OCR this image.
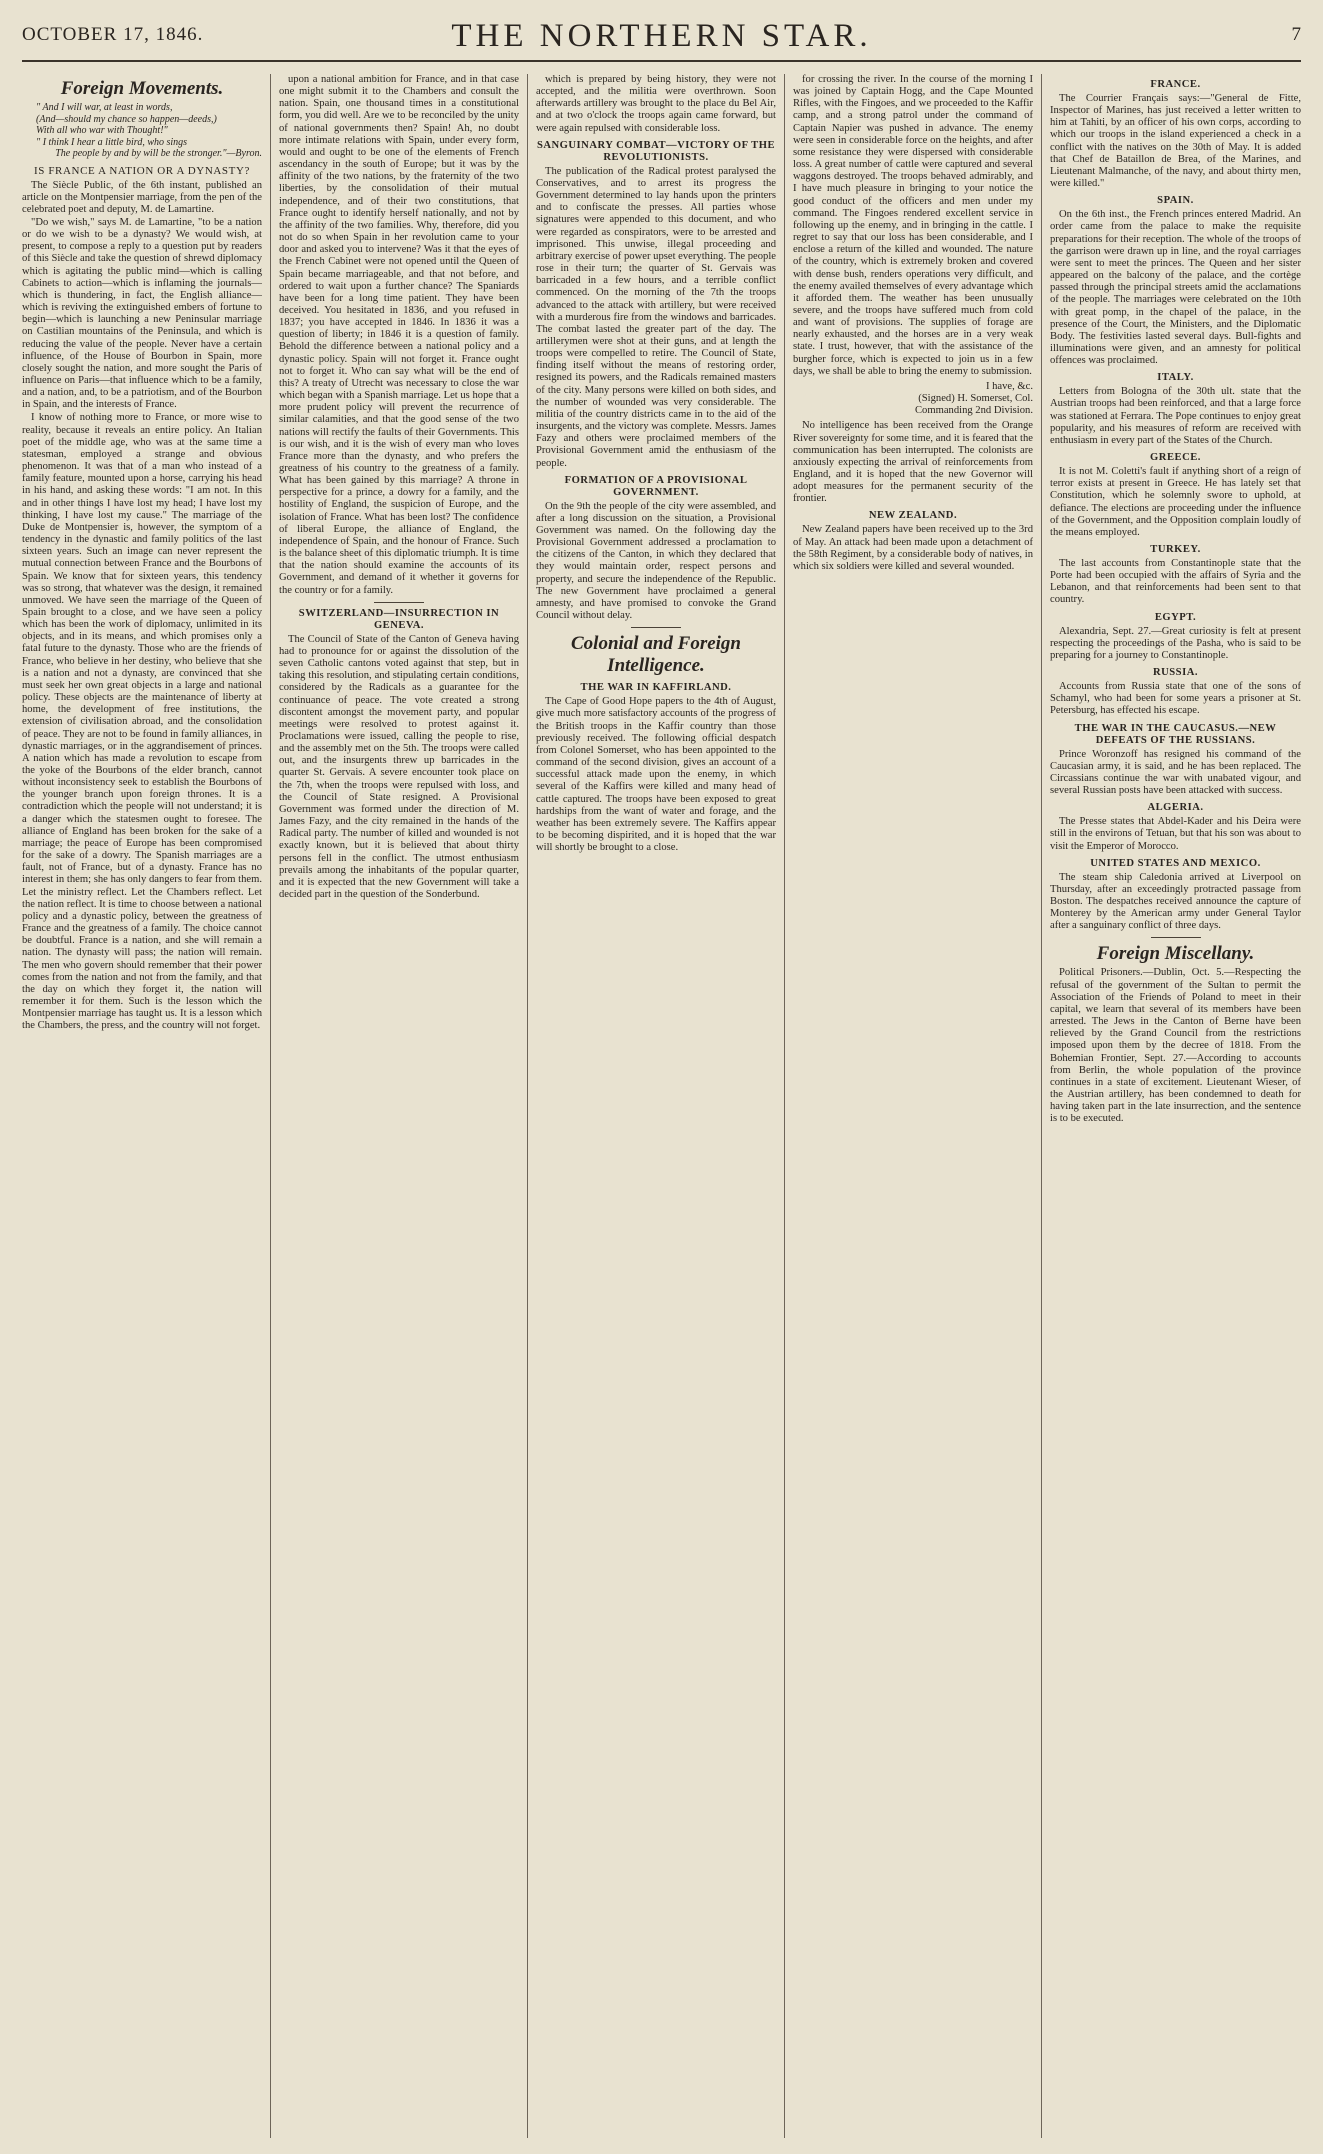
OCTOBER 17, 1846.	THE NORTHERN STAR.	7
Foreign Movements.
" And I will war, at least in words,
(And—should my chance so happen—deeds,)
With all who war with Thought!"
" I think I hear a little bird, who sings
The people by and by will be the stronger."—Byron.
IS FRANCE A NATION OR A DYNASTY?

The Siècle Public, of the 6th instant, published an article on the Montpensier marriage, from the pen of the celebrated poet and deputy, M. de Lamartine.

"Do we wish," says M. de Lamartine, "to be a nation or do we wish to be a dynasty? We would wish, at present, to compose a reply to a question put by readers of this Siècle and take the question of shrewd diplomacy which is agitating the public mind—which is calling Cabinets to action—which is inflaming the journals—which is thundering, in fact, the English alliance—which is reviving the extinguished embers of fortune to begin—which is launching a new Peninsular marriage on Castilian mountains of the Peninsula, and which is reducing the value of the people. Never have a certain influence, of the House of Bourbon in Spain, more closely sought the nation, and more sought the Paris of influence on Paris—that influence which to be a family, and a nation, and, to be a patriotism, and of the Bourbon in Spain, and the interests of France.

I know of nothing more to France, or more wise to reality, because it reveals an entire policy. An Italian poet of the middle age, who was at the same time a statesman, employed a strange and obvious phenomenon. It was that of a man who instead of a family feature, mounted upon a horse, carrying his head in his hand, and asking these words: "I am not. In this and in other things I have lost my head; I have lost my thinking, I have lost my cause." The marriage of the Duke de Montpensier is, however, the symptom of a tendency in the dynastic and family politics of the last sixteen years. Such an image can never represent the mutual connection between France and the Bourbons of Spain. We know that for sixteen years, this tendency was so strong, that whatever was the design, it remained unmoved. We have seen the marriage of the Queen of Spain brought to a close, and we have seen a policy which has been the work of diplomacy, unlimited in its objects, and in its means, and which promises only a fatal future to the dynasty. Those who are the friends of France, who believe in her destiny, who believe that she is a nation and not a dynasty, are convinced that she must seek her own great objects in a large and national policy. These objects are the maintenance of liberty at home, the development of free institutions, the extension of civilisation abroad, and the consolidation of peace. They are not to be found in family alliances, in dynastic marriages, or in the aggrandisement of princes. A nation which has made a revolution to escape from the yoke of the Bourbons of the elder branch, cannot without inconsistency seek to establish the Bourbons of the younger branch upon foreign thrones. It is a contradiction which the people will not understand; it is a danger which the statesmen ought to foresee. The alliance of England has been broken for the sake of a marriage; the peace of Europe has been compromised for the sake of a dowry. The Spanish marriages are a fault, not of France, but of a dynasty. France has no interest in them; she has only dangers to fear from them. Let the ministry reflect. Let the Chambers reflect. Let the nation reflect. It is time to choose between a national policy and a dynastic policy, between the greatness of France and the greatness of a family. The choice cannot be doubtful. France is a nation, and she will remain a nation. The dynasty will pass; the nation will remain. The men who govern should remember that their power comes from the nation and not from the family, and that the day on which they forget it, the nation will remember it for them. Such is the lesson which the Montpensier marriage has taught us. It is a lesson which the Chambers, the press, and the country will not forget.

upon a national ambition for France, and in that case one might submit it to the Chambers and consult the nation. Spain, one thousand times in a constitutional form, you did well. Are we to be reconciled by the unity of national governments then? Spain! Ah, no doubt more intimate relations with Spain, under every form, would and ought to be one of the elements of French ascendancy in the south of Europe; but it was by the affinity of the two nations, by the fraternity of the two liberties, by the consolidation of their mutual independence, and of their two constitutions, that France ought to identify herself nationally, and not by the affinity of the two families. Why, therefore, did you not do so when Spain in her revolution came to your door and asked you to intervene? Was it that the eyes of the French Cabinet were not opened until the Queen of Spain became marriageable, and that not before, and ordered to wait upon a further chance? The Spaniards have been for a long time patient. They have been deceived. You hesitated in 1836, and you refused in 1837; you have accepted in 1846. In 1836 it was a question of liberty; in 1846 it is a question of family. Behold the difference between a national policy and a dynastic policy. Spain will not forget it. France ought not to forget it. Who can say what will be the end of this? A treaty of Utrecht was necessary to close the war which began with a Spanish marriage. Let us hope that a more prudent policy will prevent the recurrence of similar calamities, and that the good sense of the two nations will rectify the faults of their Governments. This is our wish, and it is the wish of every man who loves France more than the dynasty, and who prefers the greatness of his country to the greatness of a family. What has been gained by this marriage? A throne in perspective for a prince, a dowry for a family, and the hostility of England, the suspicion of Europe, and the isolation of France. What has been lost? The confidence of liberal Europe, the alliance of England, the independence of Spain, and the honour of France. Such is the balance sheet of this diplomatic triumph. It is time that the nation should examine the accounts of its Government, and demand of it whether it governs for the country or for a family.

SWITZERLAND—INSURRECTION IN GENEVA.

The Council of State of the Canton of Geneva having had to pronounce for or against the dissolution of the seven Catholic cantons voted against that step, but in taking this resolution, and stipulating certain conditions, considered by the Radicals as a guarantee for the continuance of peace. The vote created a strong discontent amongst the movement party, and popular meetings were resolved to protest against it. Proclamations were issued, calling the people to rise, and the assembly met on the 5th. The troops were called out, and the insurgents threw up barricades in the quarter St. Gervais. A severe encounter took place on the 7th, when the troops were repulsed with loss, and the Council of State resigned. A Provisional Government was formed under the direction of M. James Fazy, and the city remained in the hands of the Radical party. The number of killed and wounded is not exactly known, but it is believed that about thirty persons fell in the conflict. The utmost enthusiasm prevails among the inhabitants of the popular quarter, and it is expected that the new Government will take a decided part in the question of the Sonderbund.

which is prepared by being history, they were not accepted, and the militia were overthrown. Soon afterwards artillery was brought to the place du Bel Air, and at two o'clock the troops again came forward, but were again repulsed with considerable loss.

SANGUINARY COMBAT—VICTORY OF THE REVOLUTIONISTS.

The publication of the Radical protest paralysed the Conservatives, and to arrest its progress the Government determined to lay hands upon the printers and to confiscate the presses. All parties whose signatures were appended to this document, and who were regarded as conspirators, were to be arrested and imprisoned. This unwise, illegal proceeding and arbitrary exercise of power upset everything. The people rose in their turn; the quarter of St. Gervais was barricaded in a few hours, and a terrible conflict commenced. On the morning of the 7th the troops advanced to the attack with artillery, but were received with a murderous fire from the windows and barricades. The combat lasted the greater part of the day. The artillerymen were shot at their guns, and at length the troops were compelled to retire. The Council of State, finding itself without the means of restoring order, resigned its powers, and the Radicals remained masters of the city. Many persons were killed on both sides, and the number of wounded was very considerable. The militia of the country districts came in to the aid of the insurgents, and the victory was complete. Messrs. James Fazy and others were proclaimed members of the Provisional Government amid the enthusiasm of the people.

FORMATION OF A PROVISIONAL GOVERNMENT.

On the 9th the people of the city were assembled, and after a long discussion on the situation, a Provisional Government was named. On the following day the Provisional Government addressed a proclamation to the citizens of the Canton, in which they declared that they would maintain order, respect persons and property, and secure the independence of the Republic. The new Government have proclaimed a general amnesty, and have promised to convoke the Grand Council without delay.

Colonial and Foreign Intelligence.
THE WAR IN KAFFIRLAND.

The Cape of Good Hope papers to the 4th of August, give much more satisfactory accounts of the progress of the British troops in the Kaffir country than those previously received. The following official despatch from Colonel Somerset, who has been appointed to the command of the second division, gives an account of a successful attack made upon the enemy, in which several of the Kaffirs were killed and many head of cattle captured. The troops have been exposed to great hardships from the want of water and forage, and the weather has been extremely severe. The Kaffirs appear to be becoming dispirited, and it is hoped that the war will shortly be brought to a close.

for crossing the river. In the course of the morning I was joined by Captain Hogg, and the Cape Mounted Rifles, with the Fingoes, and we proceeded to the Kaffir camp, and a strong patrol under the command of Captain Napier was pushed in advance. The enemy were seen in considerable force on the heights, and after some resistance they were dispersed with considerable loss. A great number of cattle were captured and several waggons destroyed. The troops behaved admirably, and I have much pleasure in bringing to your notice the good conduct of the officers and men under my command. The Fingoes rendered excellent service in following up the enemy, and in bringing in the cattle. I regret to say that our loss has been considerable, and I enclose a return of the killed and wounded. The nature of the country, which is extremely broken and covered with dense bush, renders operations very difficult, and the enemy availed themselves of every advantage which it afforded them. The weather has been unusually severe, and the troops have suffered much from cold and want of provisions. The supplies of forage are nearly exhausted, and the horses are in a very weak state. I trust, however, that with the assistance of the burgher force, which is expected to join us in a few days, we shall be able to bring the enemy to submission.

I have, &c.
(Signed) H. Somerset, Col.
Commanding 2nd Division.

No intelligence has been received from the Orange River sovereignty for some time, and it is feared that the communication has been interrupted. The colonists are anxiously expecting the arrival of reinforcements from England, and it is hoped that the new Governor will adopt measures for the permanent security of the frontier.

NEW ZEALAND.

New Zealand papers have been received up to the 3rd of May. An attack had been made upon a detachment of the 58th Regiment, by a considerable body of natives, in which six soldiers were killed and several wounded.

FRANCE.

The Courrier Français says:—"General de Fitte, Inspector of Marines, has just received a letter written to him at Tahiti, by an officer of his own corps, according to which our troops in the island experienced a check in a conflict with the natives on the 30th of May. It is added that Chef de Bataillon de Brea, of the Marines, and Lieutenant Malmanche, of the navy, and about thirty men, were killed."

SPAIN.

On the 6th inst., the French princes entered Madrid. An order came from the palace to make the requisite preparations for their reception. The whole of the troops of the garrison were drawn up in line, and the royal carriages were sent to meet the princes. The Queen and her sister appeared on the balcony of the palace, and the cortège passed through the principal streets amid the acclamations of the people. The marriages were celebrated on the 10th with great pomp, in the chapel of the palace, in the presence of the Court, the Ministers, and the Diplomatic Body. The festivities lasted several days. Bull-fights and illuminations were given, and an amnesty for political offences was proclaimed.

ITALY.

Letters from Bologna of the 30th ult. state that the Austrian troops had been reinforced, and that a large force was stationed at Ferrara. The Pope continues to enjoy great popularity, and his measures of reform are received with enthusiasm in every part of the States of the Church.

GREECE.

It is not M. Coletti's fault if anything short of a reign of terror exists at present in Greece. He has lately set that Constitution, which he solemnly swore to uphold, at defiance. The elections are proceeding under the influence of the Government, and the Opposition complain loudly of the means employed.

TURKEY.

The last accounts from Constantinople state that the Porte had been occupied with the affairs of Syria and the Lebanon, and that reinforcements had been sent to that country.

EGYPT.

Alexandria, Sept. 27.—Great curiosity is felt at present respecting the proceedings of the Pasha, who is said to be preparing for a journey to Constantinople.

RUSSIA.

Accounts from Russia state that one of the sons of Schamyl, who had been for some years a prisoner at St. Petersburg, has effected his escape.

THE WAR IN THE CAUCASUS.—NEW DEFEATS OF THE RUSSIANS.

Prince Woronzoff has resigned his command of the Caucasian army, it is said, and he has been replaced. The Circassians continue the war with unabated vigour, and several Russian posts have been attacked with success.

ALGERIA.

The Presse states that Abdel-Kader and his Deira were still in the environs of Tetuan, but that his son was about to visit the Emperor of Morocco.

UNITED STATES AND MEXICO.

The steam ship Caledonia arrived at Liverpool on Thursday, after an exceedingly protracted passage from Boston. The despatches received announce the capture of Monterey by the American army under General Taylor after a sanguinary conflict of three days.

Foreign Miscellany.

Political Prisoners.—Dublin, Oct. 5.—Respecting the refusal of the government of the Sultan to permit the Association of the Friends of Poland to meet in their capital, we learn that several of its members have been arrested. The Jews in the Canton of Berne have been relieved by the Grand Council from the restrictions imposed upon them by the decree of 1818. From the Bohemian Frontier, Sept. 27.—According to accounts from Berlin, the whole population of the province continues in a state of excitement. Lieutenant Wieser, of the Austrian artillery, has been condemned to death for having taken part in the late insurrection, and the sentence is to be executed.
